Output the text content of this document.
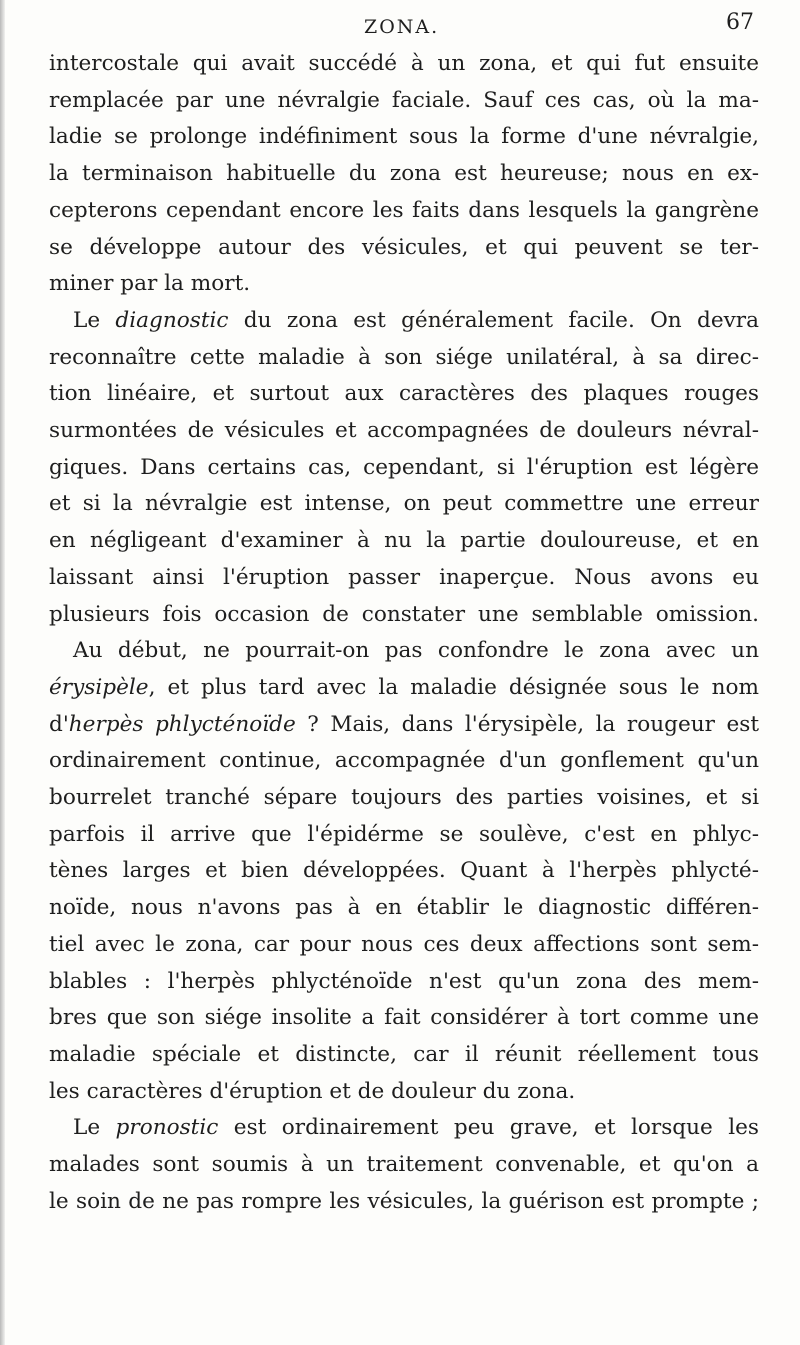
ZONA.	67
intercostale qui avait succédé à un zona, et qui fut ensuite
remplacée par une névralgie faciale. Sauf ces cas, où la ma-
ladie se prolonge indéfiniment sous la forme d'une névralgie,
la terminaison habituelle du zona est heureuse; nous en ex-
cepterons cependant encore les faits dans lesquels la gangrène
se développe autour des vésicules, et qui peuvent se ter-
miner par la mort.
Le diagnostic du zona est généralement facile. On devra
reconnaître cette maladie à son siége unilatéral, à sa direc-
tion linéaire, et surtout aux caractères des plaques rouges
surmontées de vésicules et accompagnées de douleurs névral-
giques. Dans certains cas, cependant, si l'éruption est légère
et si la névralgie est intense, on peut commettre une erreur
en négligeant d'examiner à nu la partie douloureuse, et en
laissant ainsi l'éruption passer inaperçue. Nous avons eu
plusieurs fois occasion de constater une semblable omission.
Au début, ne pourrait-on pas confondre le zona avec un
érysipèle, et plus tard avec la maladie désignée sous le nom
d'herpès phlycténoïde ? Mais, dans l'érysipèle, la rougeur est
ordinairement continue, accompagnée d'un gonflement qu'un
bourrelet tranché sépare toujours des parties voisines, et si
parfois il arrive que l'épidérme se soulève, c'est en phlyc-
tènes larges et bien développées. Quant à l'herpès phlycté-
noïde, nous n'avons pas à en établir le diagnostic différen-
tiel avec le zona, car pour nous ces deux affections sont sem-
blables : l'herpès phlycténoïde n'est qu'un zona des mem-
bres que son siége insolite a fait considérer à tort comme une
maladie spéciale et distincte, car il réunit réellement tous
les caractères d'éruption et de douleur du zona.
Le pronostic est ordinairement peu grave, et lorsque les
malades sont soumis à un traitement convenable, et qu'on a
le soin de ne pas rompre les vésicules, la guérison est prompte ;
